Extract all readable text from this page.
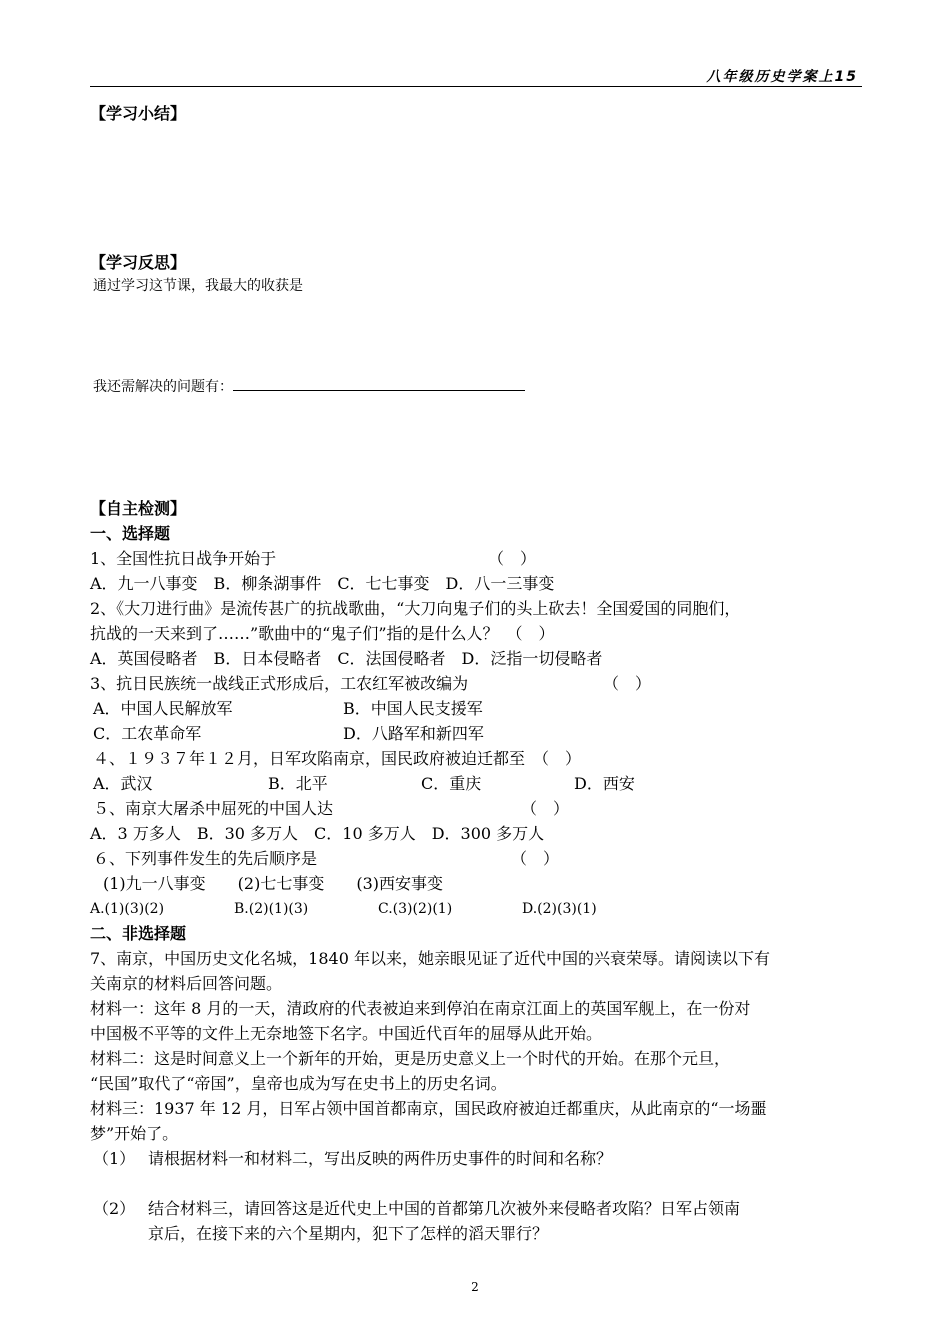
八年级历史学案上15
【学习小结】
【学习反思】
通过学习这节课，我最大的收获是
我还需解决的问题有：
【自主检测】
一、选择题
1、全国性抗日战争开始于	（　）
A．九一八事变　B．柳条湖事件　C．七七事变　D．八一三事变
2、《大刀进行曲》是流传甚广的抗战歌曲，“大刀向鬼子们的头上砍去！全国爱国的同胞们，
抗战的一天来到了……”歌曲中的“鬼子们”指的是什么人？　（　）
A．英国侵略者　B．日本侵略者　C．法国侵略者　D．泛指一切侵略者
3、抗日民族统一战线正式形成后，工农红军被改编为	（　）
A．中国人民解放军	B．中国人民支援军
C．工农革命军	D．八路军和新四军
４、１９３７年１２月，日军攻陷南京，国民政府被迫迁都至　（　）
A．武汉	B．北平	C．重庆	D．西安
５、南京大屠杀中屈死的中国人达	（　）
A．3 万多人　B．30 多万人　C．10 多万人　D．300 多万人
６、下列事件发生的先后顺序是	（　）
(1)九一八事变　　(2)七七事变　　(3)西安事变
A.(1)(3)(2)	B.(2)(1)(3)	C.(3)(2)(1)	D.(2)(3)(1)
二、非选择题
7、南京，中国历史文化名城，1840 年以来，她亲眼见证了近代中国的兴衰荣辱。请阅读以下有
关南京的材料后回答问题。
材料一：这年 8 月的一天，清政府的代表被迫来到停泊在南京江面上的英国军舰上，在一份对
中国极不平等的文件上无奈地签下名字。中国近代百年的屈辱从此开始。
材料二：这是时间意义上一个新年的开始，更是历史意义上一个时代的开始。在那个元旦，
“民国”取代了“帝国”，皇帝也成为写在史书上的历史名词。
材料三：1937 年 12 月，日军占领中国首都南京，国民政府被迫迁都重庆，从此南京的“一场噩
梦”开始了。
（1） 请根据材料一和材料二，写出反映的两件历史事件的时间和名称？
（2） 结合材料三，请回答这是近代史上中国的首都第几次被外来侵略者攻陷？日军占领南
京后，在接下来的六个星期内，犯下了怎样的滔天罪行？
2
